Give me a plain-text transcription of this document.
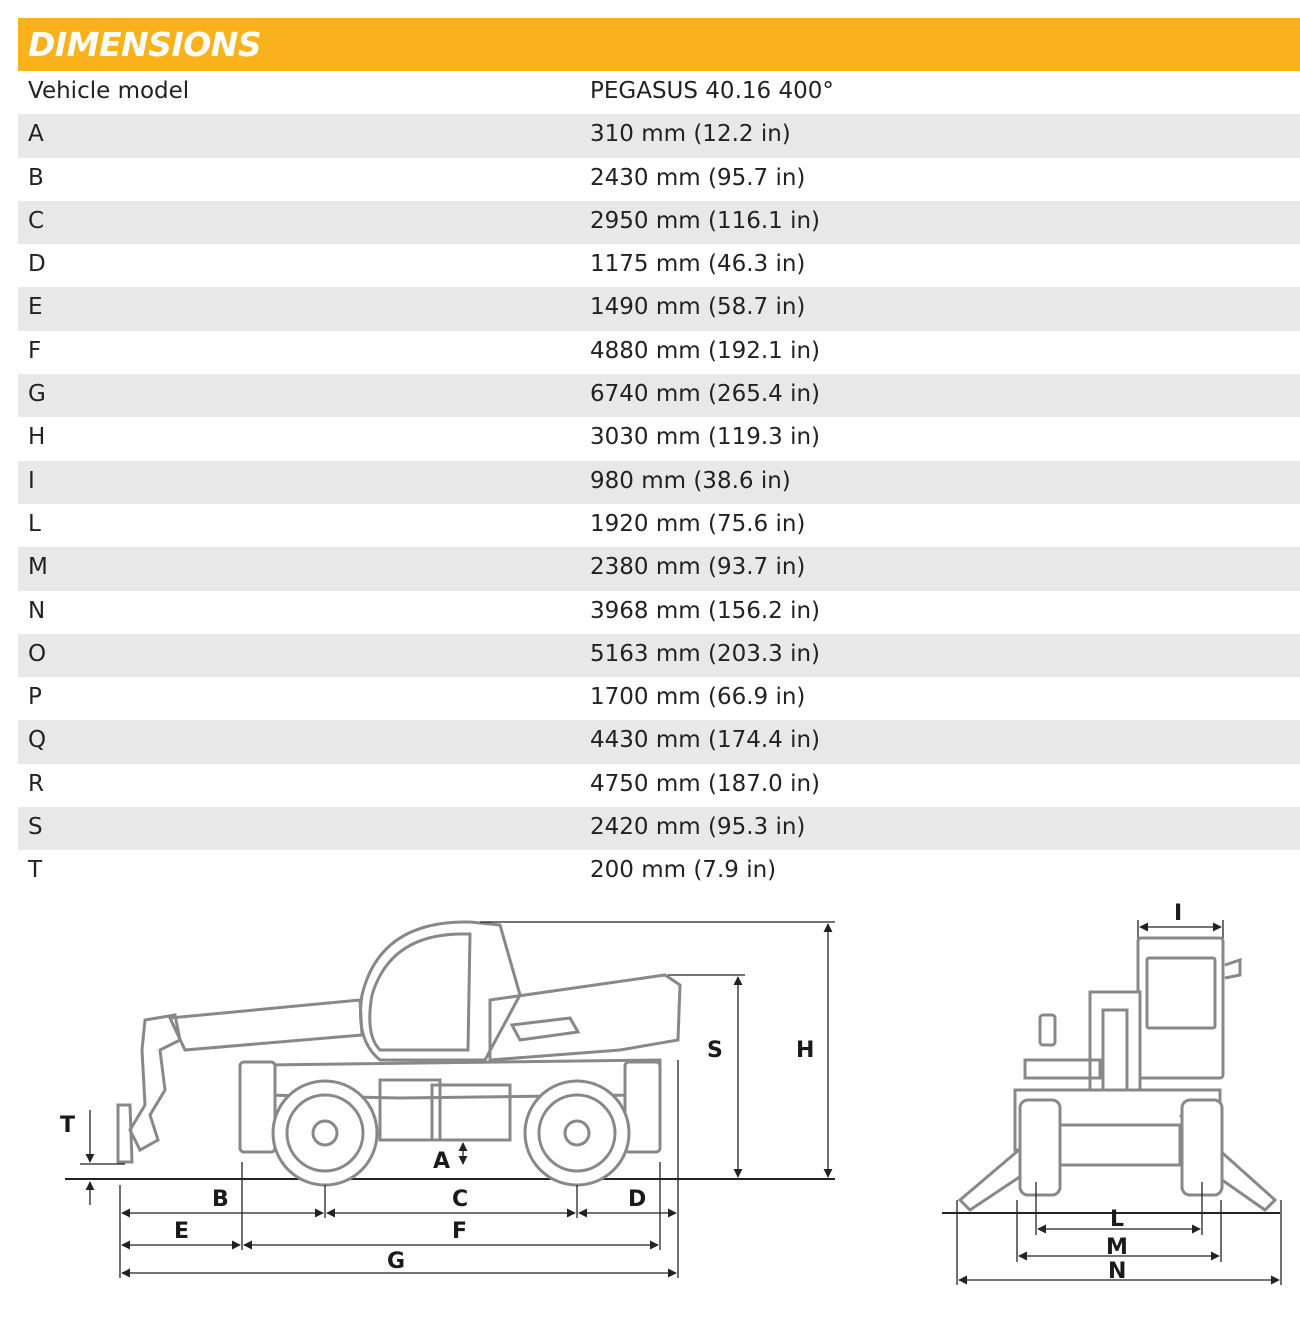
DIMENSIONS
Vehicle model	PEGASUS 40.16 400°
A	310 mm (12.2 in)
B	2430 mm (95.7 in)
C	2950 mm (116.1 in)
D	1175 mm (46.3 in)
E	1490 mm (58.7 in)
F	4880 mm (192.1 in)
G	6740 mm (265.4 in)
H	3030 mm (119.3 in)
I	980 mm (38.6 in)
L	1920 mm (75.6 in)
M	2380 mm (93.7 in)
N	3968 mm (156.2 in)
O	5163 mm (203.3 in)
P	1700 mm (66.9 in)
Q	4430 mm (174.4 in)
R	4750 mm (187.0 in)
S	2420 mm (95.3 in)
T	200 mm (7.9 in)
T
A
B	C	D
E	F
G
S	H
I
L
M
N
